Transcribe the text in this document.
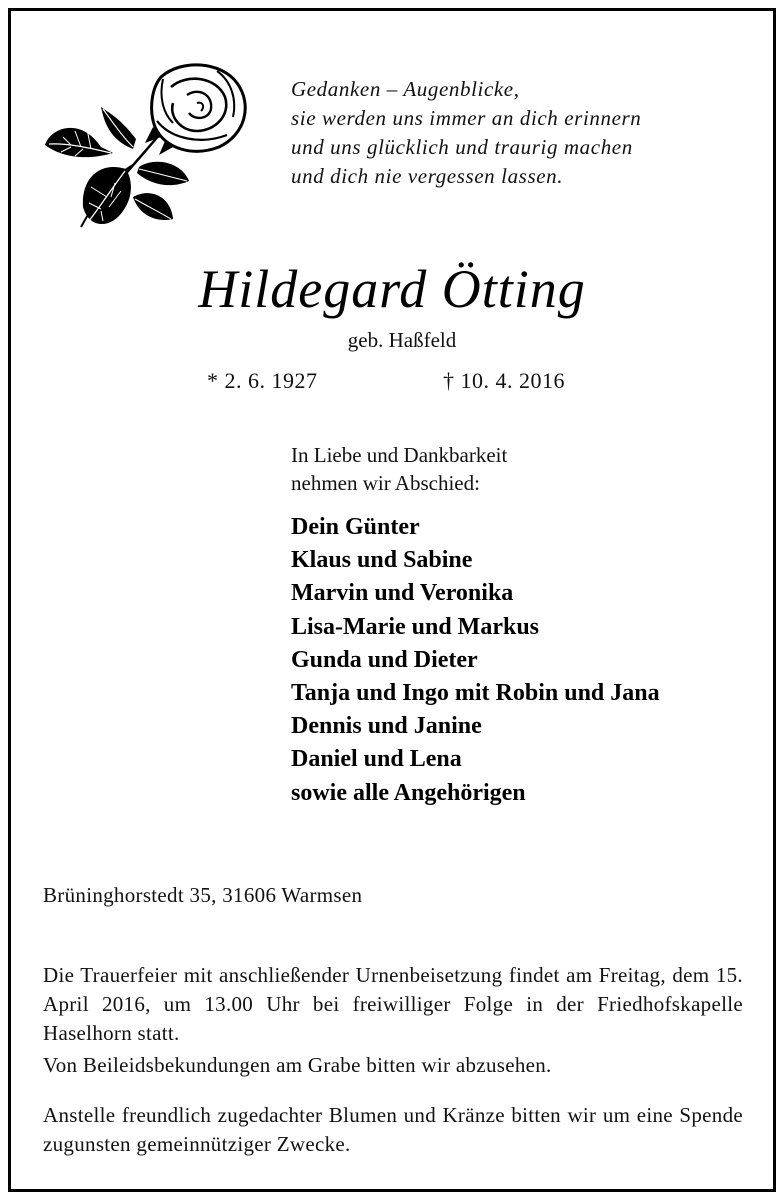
Gedanken – Augenblicke,
sie werden uns immer an dich erinnern
und uns glücklich und traurig machen
und dich nie vergessen lassen.
Hildegard Ötting
geb. Haßfeld
* 2. 6. 1927	† 10. 4. 2016
In Liebe und Dankbarkeit
nehmen wir Abschied:
Dein Günter
Klaus und Sabine
Marvin und Veronika
Lisa-Marie und Markus
Gunda und Dieter
Tanja und Ingo mit Robin und Jana
Dennis und Janine
Daniel und Lena
sowie alle Angehörigen
Brüninghorstedt 35, 31606 Warmsen
Die Trauerfeier mit anschließender Urnenbeisetzung findet am Freitag, dem 15. April 2016, um 13.00 Uhr bei freiwilliger Folge in der Friedhofskapelle Haselhorn statt.
Von Beileidsbekundungen am Grabe bitten wir abzusehen.
Anstelle freundlich zugedachter Blumen und Kränze bitten wir um eine Spende zugunsten gemeinnütziger Zwecke.
